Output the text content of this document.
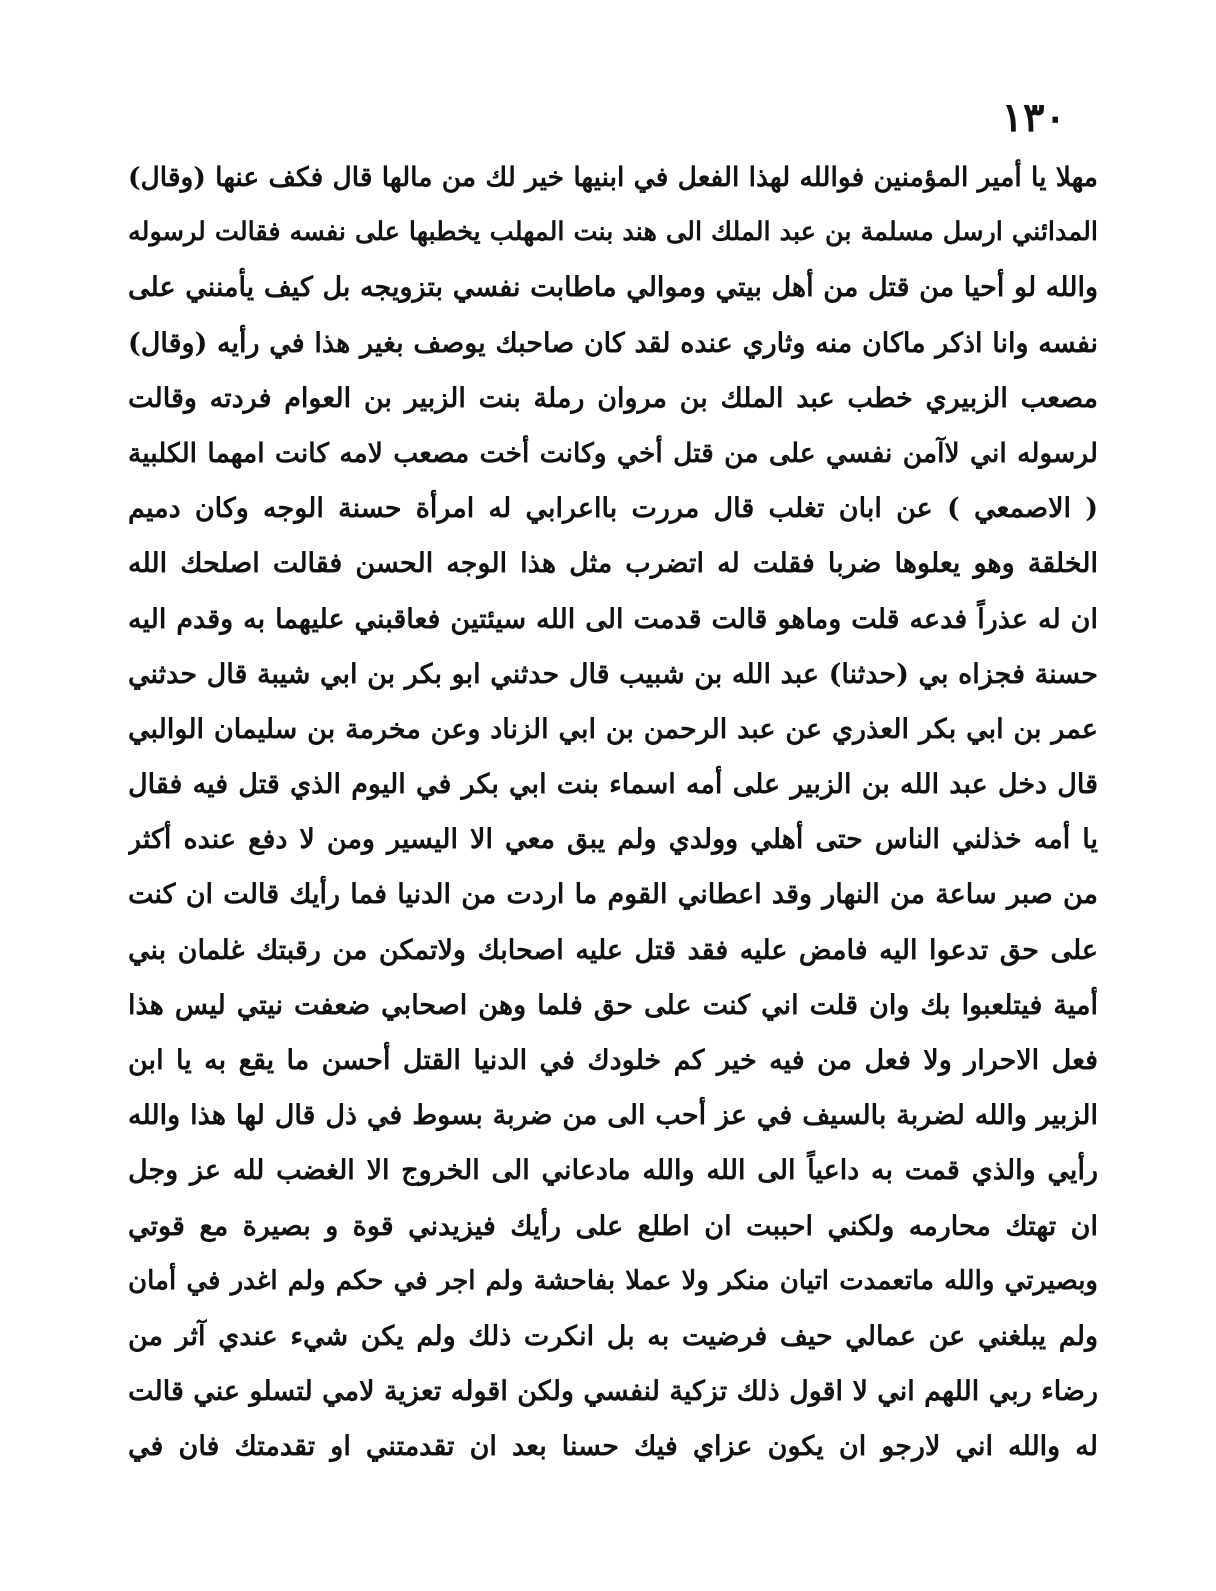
١٣٠
مهلا يا أمير المؤمنين فوالله لهذا الفعل في ابنيها خير لك من مالها قال فكف عنها (وقال)
المدائني ارسل مسلمة بن عبد الملك الى هند بنت المهلب يخطبها على نفسه فقالت لرسوله
والله لو أحيا من قتل من أهل بيتي وموالي ماطابت نفسي بتزويجه بل كيف يأمنني على
نفسه وانا اذكر ماكان منه وثاري عنده لقد كان صاحبك يوصف بغير هذا في رأيه (وقال)
مصعب الزبيري خطب عبد الملك بن مروان رملة بنت الزبير بن العوام فردته وقالت
لرسوله اني لاآمن نفسي على من قتل أخي وكانت أخت مصعب لامه كانت امهما الكلبية
( الاصمعي ) عن ابان تغلب قال مررت بااعرابي له امرأة حسنة الوجه وكان دميم
الخلقة وهو يعلوها ضربا فقلت له اتضرب مثل هذا الوجه الحسن فقالت اصلحك الله
ان له عذراً فدعه قلت وماهو قالت قدمت الى الله سيئتين فعاقبني عليهما به وقدم اليه
حسنة فجزاه بي (حدثنا) عبد الله بن شبيب قال حدثني ابو بكر بن ابي شيبة قال حدثني
عمر بن ابي بكر العذري عن عبد الرحمن بن ابي الزناد وعن مخرمة بن سليمان الوالبي
قال دخل عبد الله بن الزبير على أمه اسماء بنت ابي بكر في اليوم الذي قتل فيه فقال
يا أمه خذلني الناس حتى أهلي وولدي ولم يبق معي الا اليسير ومن لا دفع عنده أكثر
من صبر ساعة من النهار وقد اعطاني القوم ما اردت من الدنيا فما رأيك قالت ان كنت
على حق تدعوا اليه فامض عليه فقد قتل عليه اصحابك ولاتمكن من رقبتك غلمان بني
أمية فيتلعبوا بك وان قلت اني كنت على حق فلما وهن اصحابي ضعفت نيتي ليس هذا
فعل الاحرار ولا فعل من فيه خير كم خلودك في الدنيا القتل أحسن ما يقع به يا ابن
الزبير والله لضربة بالسيف في عز أحب الى من ضربة بسوط في ذل قال لها هذا والله
رأيي والذي قمت به داعياً الى الله والله مادعاني الى الخروج الا الغضب لله عز وجل
ان تهتك محارمه ولكني احببت ان اطلع على رأيك فيزيدني قوة و بصيرة مع قوتي
وبصيرتي والله ماتعمدت اتيان منكر ولا عملا بفاحشة ولم اجر في حكم ولم اغدر في أمان
ولم يبلغني عن عمالي حيف فرضيت به بل انكرت ذلك ولم يكن شيء عندي آثر من
رضاء ربي اللهم اني لا اقول ذلك تزكية لنفسي ولكن اقوله تعزية لامي لتسلو عني قالت
له والله اني لارجو ان يكون عزاي فيك حسنا بعد ان تقدمتني او تقدمتك فان في
